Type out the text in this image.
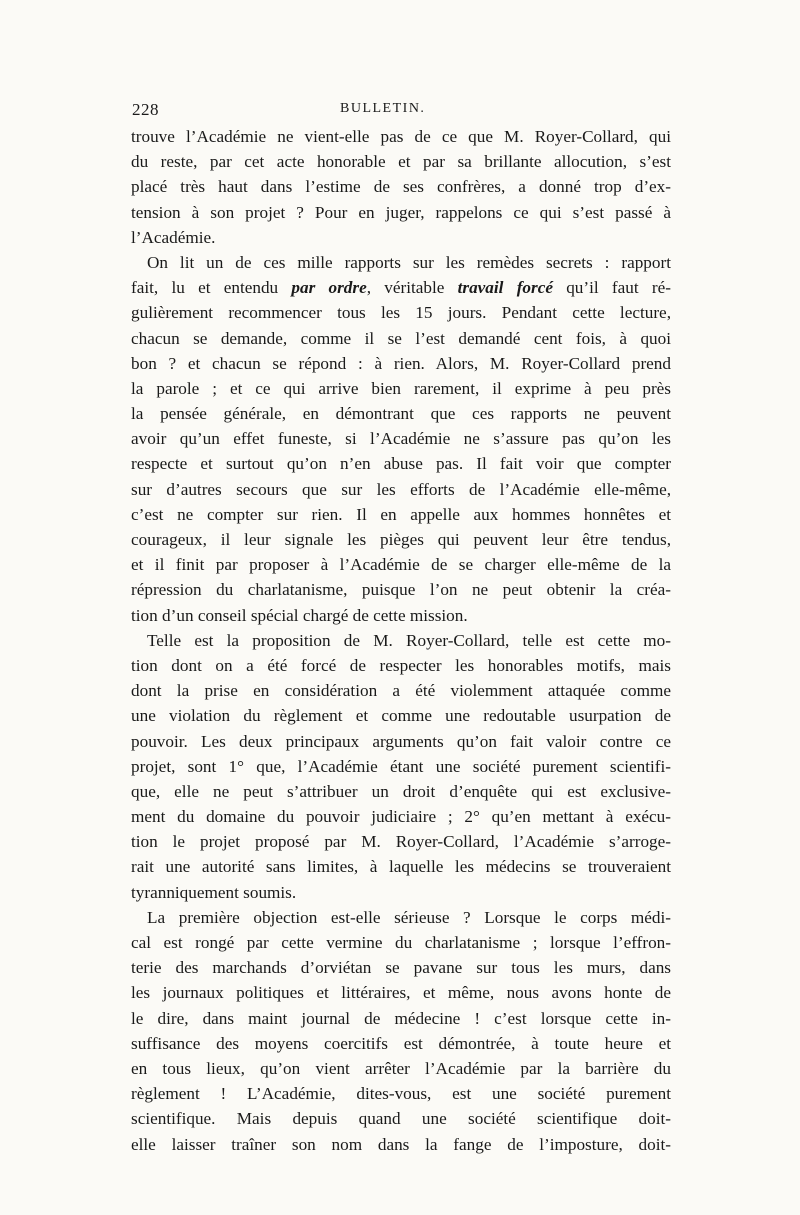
228	BULLETIN.
trouve l’Académie ne vient-elle pas de ce que M. Royer-Collard, qui
du reste, par cet acte honorable et par sa brillante allocution, s’est
placé très haut dans l’estime de ses confrères, a donné trop d’ex-
tension à son projet ? Pour en juger, rappelons ce qui s’est passé à
l’Académie.
On lit un de ces mille rapports sur les remèdes secrets : rapport
fait, lu et entendu par ordre, véritable travail forcé qu’il faut ré-
gulièrement recommencer tous les 15 jours. Pendant cette lecture,
chacun se demande, comme il se l’est demandé cent fois, à quoi
bon ? et chacun se répond : à rien. Alors, M. Royer-Collard prend
la parole ; et ce qui arrive bien rarement, il exprime à peu près
la pensée générale, en démontrant que ces rapports ne peuvent
avoir qu’un effet funeste, si l’Académie ne s’assure pas qu’on les
respecte et surtout qu’on n’en abuse pas. Il fait voir que compter
sur d’autres secours que sur les efforts de l’Académie elle-même,
c’est ne compter sur rien. Il en appelle aux hommes honnêtes et
courageux, il leur signale les pièges qui peuvent leur être tendus,
et il finit par proposer à l’Académie de se charger elle-même de la
répression du charlatanisme, puisque l’on ne peut obtenir la créa-
tion d’un conseil spécial chargé de cette mission.
Telle est la proposition de M. Royer-Collard, telle est cette mo-
tion dont on a été forcé de respecter les honorables motifs, mais
dont la prise en considération a été violemment attaquée comme
une violation du règlement et comme une redoutable usurpation de
pouvoir. Les deux principaux arguments qu’on fait valoir contre ce
projet, sont 1° que, l’Académie étant une société purement scientifi-
que, elle ne peut s’attribuer un droit d’enquête qui est exclusive-
ment du domaine du pouvoir judiciaire ; 2° qu’en mettant à exécu-
tion le projet proposé par M. Royer-Collard, l’Académie s’arroge-
rait une autorité sans limites, à laquelle les médecins se trouveraient
tyranniquement soumis.
La première objection est-elle sérieuse ? Lorsque le corps médi-
cal est rongé par cette vermine du charlatanisme ; lorsque l’effron-
terie des marchands d’orviétan se pavane sur tous les murs, dans
les journaux politiques et littéraires, et même, nous avons honte de
le dire, dans maint journal de médecine ! c’est lorsque cette in-
suffisance des moyens coercitifs est démontrée, à toute heure et
en tous lieux, qu’on vient arrêter l’Académie par la barrière du
règlement ! L’Académie, dites-vous, est une société purement
scientifique. Mais depuis quand une société scientifique doit-
elle laisser traîner son nom dans la fange de l’imposture, doit-
